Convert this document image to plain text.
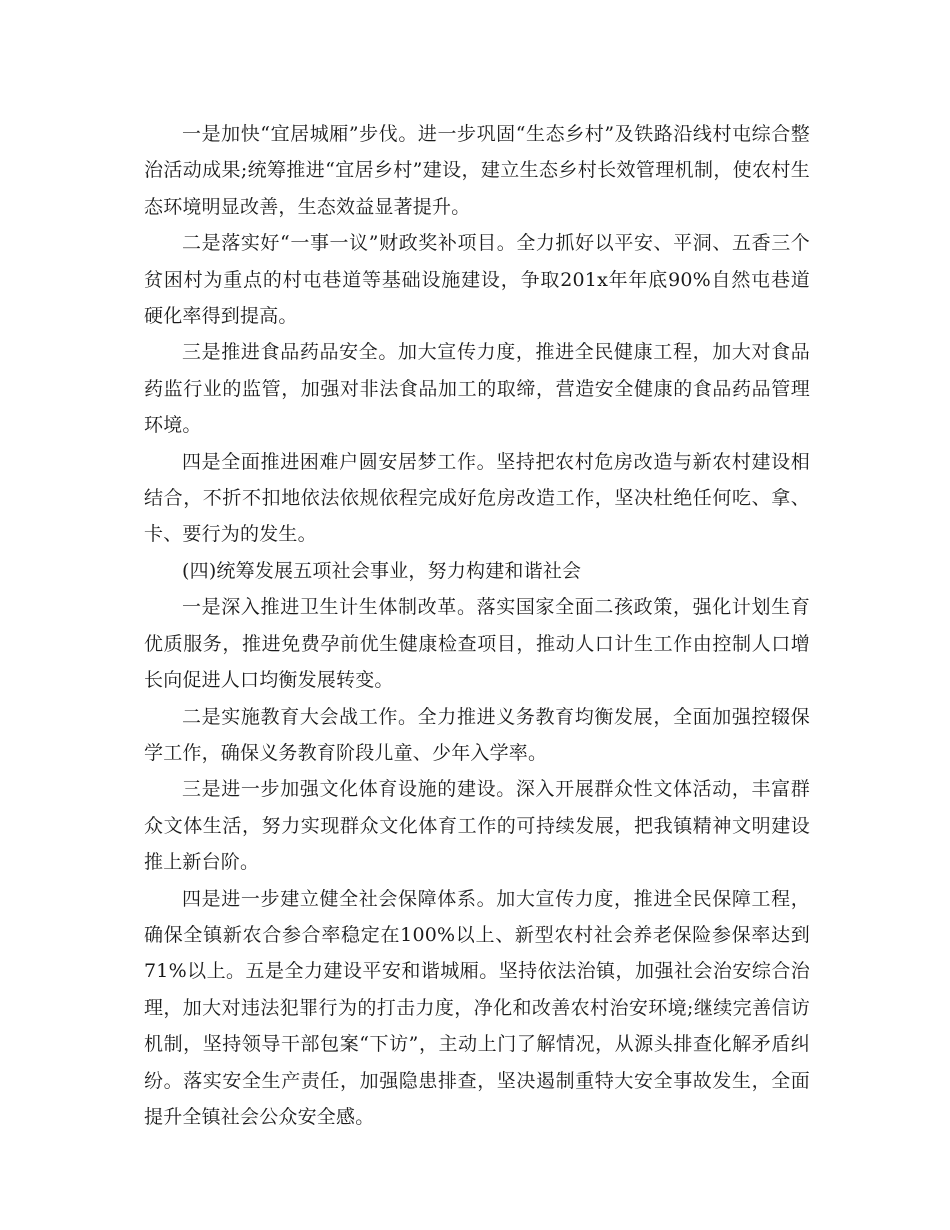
一是加快“宜居城厢”步伐。进一步巩固“生态乡村”及铁路沿线村屯综合整治活动成果;统筹推进“宜居乡村”建设，建立生态乡村长效管理机制，使农村生态环境明显改善，生态效益显著提升。

二是落实好“一事一议”财政奖补项目。全力抓好以平安、平洞、五香三个贫困村为重点的村屯巷道等基础设施建设，争取201x年年底90%自然屯巷道硬化率得到提高。

三是推进食品药品安全。加大宣传力度，推进全民健康工程，加大对食品药监行业的监管，加强对非法食品加工的取缔，营造安全健康的食品药品管理环境。

四是全面推进困难户圆安居梦工作。坚持把农村危房改造与新农村建设相结合，不折不扣地依法依规依程完成好危房改造工作，坚决杜绝任何吃、拿、卡、要行为的发生。

(四)统筹发展五项社会事业，努力构建和谐社会

一是深入推进卫生计生体制改革。落实国家全面二孩政策，强化计划生育优质服务，推进免费孕前优生健康检查项目，推动人口计生工作由控制人口增长向促进人口均衡发展转变。

二是实施教育大会战工作。全力推进义务教育均衡发展，全面加强控辍保学工作，确保义务教育阶段儿童、少年入学率。

三是进一步加强文化体育设施的建设。深入开展群众性文体活动，丰富群众文体生活，努力实现群众文化体育工作的可持续发展，把我镇精神文明建设推上新台阶。

四是进一步建立健全社会保障体系。加大宣传力度，推进全民保障工程，确保全镇新农合参合率稳定在100%以上、新型农村社会养老保险参保率达到71%以上。五是全力建设平安和谐城厢。坚持依法治镇，加强社会治安综合治理，加大对违法犯罪行为的打击力度，净化和改善农村治安环境;继续完善信访机制，坚持领导干部包案“下访”，主动上门了解情况，从源头排查化解矛盾纠纷。落实安全生产责任，加强隐患排查，坚决遏制重特大安全事故发生，全面提升全镇社会公众安全感。
